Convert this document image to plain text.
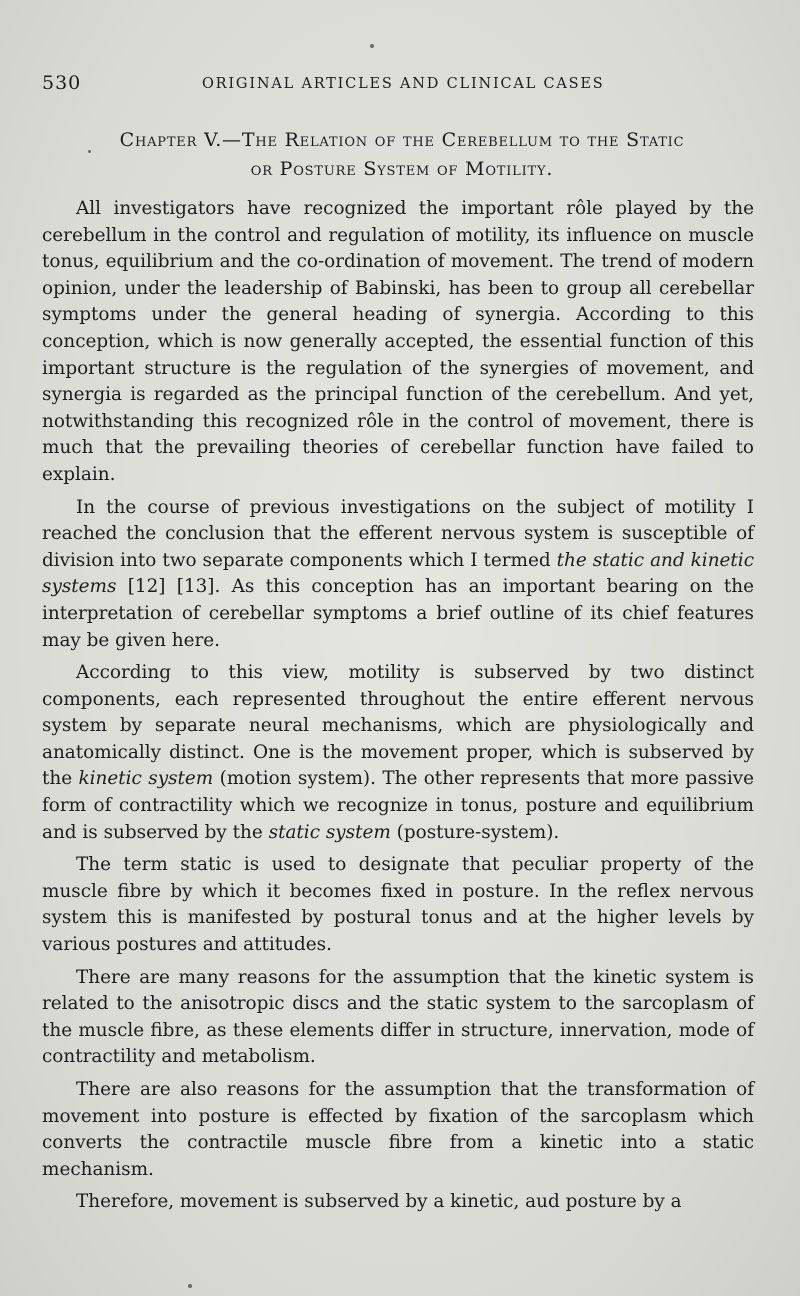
530	ORIGINAL ARTICLES AND CLINICAL CASES
Chapter V.—The Relation of the Cerebellum to the Static
or Posture System of Motility.

All investigators have recognized the important rôle played by the cerebellum in the control and regulation of motility, its influence on muscle tonus, equilibrium and the co-ordination of movement. The trend of modern opinion, under the leadership of Babinski, has been to group all cerebellar symptoms under the general heading of synergia. According to this conception, which is now generally accepted, the essential function of this important structure is the regulation of the synergies of movement, and synergia is regarded as the principal function of the cerebellum. And yet, notwithstanding this recognized rôle in the control of movement, there is much that the prevailing theories of cerebellar function have failed to explain.

In the course of previous investigations on the subject of motility I reached the conclusion that the efferent nervous system is susceptible of division into two separate components which I termed the static and kinetic systems [12] [13]. As this conception has an important bearing on the interpretation of cerebellar symptoms a brief outline of its chief features may be given here.

According to this view, motility is subserved by two distinct components, each represented throughout the entire efferent nervous system by separate neural mechanisms, which are physiologically and anatomically distinct. One is the movement proper, which is subserved by the kinetic system (motion system). The other represents that more passive form of contractility which we recognize in tonus, posture and equilibrium and is subserved by the static system (posture-system).

The term static is used to designate that peculiar property of the muscle fibre by which it becomes fixed in posture. In the reflex nervous system this is manifested by postural tonus and at the higher levels by various postures and attitudes.

There are many reasons for the assumption that the kinetic system is related to the anisotropic discs and the static system to the sarcoplasm of the muscle fibre, as these elements differ in structure, innervation, mode of contractility and metabolism.

There are also reasons for the assumption that the transformation of movement into posture is effected by fixation of the sarcoplasm which converts the contractile muscle fibre from a kinetic into a static mechanism.

Therefore, movement is subserved by a kinetic, aud posture by a
